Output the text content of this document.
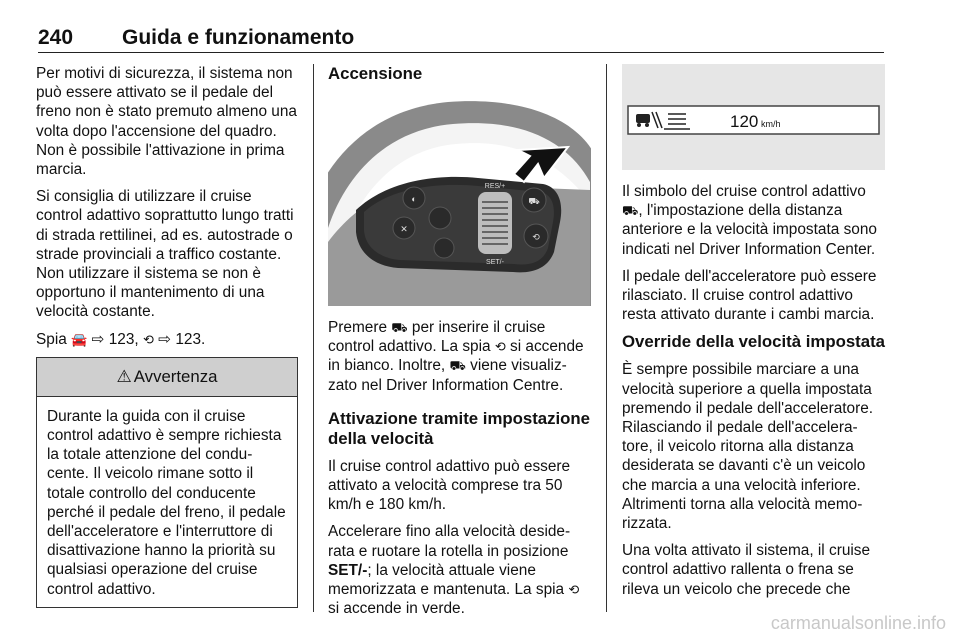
240 Guida e funzionamento

Per motivi di sicurezza, il sistema non può essere attivato se il pedale del freno non è stato premuto almeno una volta dopo l'accensione del quadro. Non è possibile l'attivazione in prima marcia.

Si consiglia di utilizzare il cruise control adattivo soprattutto lungo tratti di strada rettilinei, ad es. autostrade o strade provinciali a traffico costante. Non utilizzare il sistema se non è opportuno il mantenimento di una velocità costante.

Spia 🚘 ⇨ 123, ⟲ ⇨ 123.

⚠ Avvertenza

Durante la guida con il cruise control adattivo è sempre richiesta la totale attenzione del condu-cente. Il veicolo rimane sotto il totale controllo del conducente perché il pedale del freno, il pedale dell'acceleratore e l'interruttore di disattivazione hanno la priorità su qualsiasi operazione del cruise control adattivo.

Accensione
RES/+
SET/-
◐
✕
⛟
⟲

Premere ⛟ per inserire il cruise control adattivo. La spia ⟲ si accende in bianco. Inoltre, ⛟ viene visualiz-zato nel Driver Information Centre.

Attivazione tramite impostazione della velocità

Il cruise control adattivo può essere attivato a velocità comprese tra 50 km/h e 180 km/h.

Accelerare fino alla velocità deside-rata e ruotare la rotella in posizione SET/-; la velocità attuale viene memorizzata e mantenuta. La spia ⟲ si accende in verde.

120 km/h

Il simbolo del cruise control adattivo ⛟, l'impostazione della distanza anteriore e la velocità impostata sono indicati nel Driver Information Center.

Il pedale dell'acceleratore può essere rilasciato. Il cruise control adattivo resta attivato durante i cambi marcia.

Override della velocità impostata

È sempre possibile marciare a una velocità superiore a quella impostata premendo il pedale dell'acceleratore. Rilasciando il pedale dell'accelera-tore, il veicolo ritorna alla distanza desiderata se davanti c'è un veicolo che marcia a una velocità inferiore. Altrimenti torna alla velocità memo-rizzata.

Una volta attivato il sistema, il cruise control adattivo rallenta o frena se rileva un veicolo che precede che

carmanualsonline.info
